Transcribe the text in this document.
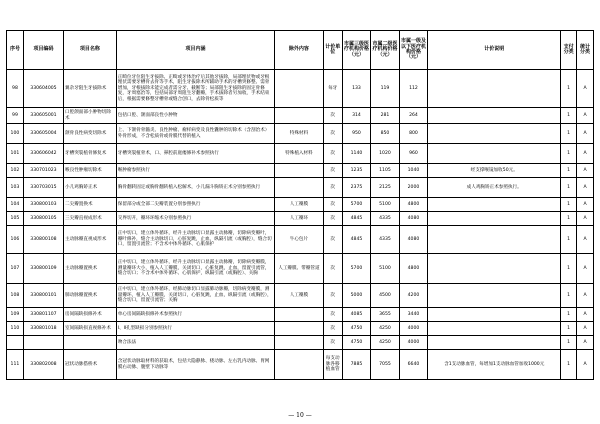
序号	项目编码	项目名称	项目内涵	除外内容	计价单位	市属三级医疗机构价格（元）	市属二级医疗机构价格（元）	市属一级及以下医疗机构价格（元）	计价说明	支付分类	统计分类
98	330604005	翼杂牙阻生牙拔除术	正畸位牙位阻生牙拔除、正畸或牙体治疗后其他牙拔除，局部埋伏物或牙根埋伏需要牙槽骨去骨等手术，阻生牙拔除术所辅助手术的牙槽突修整、需骨增加，牙根拔除未能完成者需分牙、截断等；局部阻生牙拔除的固定骨修复，牙周塞治等，包括局部牙周阻生牙翻瓣，手术拔除者另加收，手术结束后，根据需要修整牙槽骨或缝合创口，去除骨松质等		每牙	133	119	112		1	A
99	330605001	口腔颌面部小肿物切除术	包括口腔、颌面部良性小肿物		次	314	281	264		1	A
100	330605004	颌骨良性病变切除术	上、下颌骨骨髓炎、良性肿瘤、瘤样病变及良性囊肿的切除术（含刮治术）外骨形成，不含松质骨或骨膜代替的植入	特殊材料	次	950	850	800		1	A
101	330606042	牙槽突裂植骨修复术	牙槽突裂植骨术，口、鼻腔前庭瘘修补术参照执行	特殊植入材料	次	1140	1020	960		1	A
102	330701023	喉良性肿瘤切除术	喉肿瘤参照执行		次	1235	1105	1040	经支撑喉镜加收50元。	1	A
103	330703015	小儿鸡胸矫正术	胸骨翻转固定或胸骨翻转植入松解术，小儿漏斗胸矫正术分别参照执行		次	2375	2125	2000	成人鸡胸矫正术参照执行。	1	A
104	330800103	二尖瓣置换术	保留部分或全部二尖瓣装置分别参照执行	人工瓣膜	次	5700	5100	4800		1	A
105	330800105	三尖瓣直视成形术	交界切开，瓣环环缩术分别参照执行	人工瓣环	次	4845	4335	4080		1	A
106	330800108	主动脉瓣直视成形术	正中切口，建立体外循环，经升主动脉切口显露主动脉瓣，切除病变瓣叶，瓣叶修补，缝合主动脉切口，心脏复跳，止血，纵隔引流（或胸腔），缝合切口，留置引流管；不含术中体外循环、心肌保护	牛心包片	次	4845	4335	4080		1	A
107	330800109	主动脉瓣置换术	正中切口，建立体外循环，经升主动脉切口显露主动脉瓣，切除病变瓣膜，测量瓣环大小，植入人工瓣膜，关闭切口，心脏复跳，止血，留置引流管，缝合切口；不含术中体外循环、心肌保护，纵隔引流（或胸腔）、关胸	人工瓣膜、带瓣管道	次	5700	5100	4800		1	A
108	330800101	肺动脉瓣置换术	正中切口，建立体外循环，经肺动脉切口显露肺动脉瓣，切除病变瓣膜，测量瓣环，植入人工瓣膜，关闭切口，心脏复跳，止血，纵隔引流（或胸腔），缝合切口，留置引流管；关胸	人工瓣膜	次	5000	4500	4200		1	A
109	330801107	房间隔缺损修补术	单心房间隔缺损修补术参照执行		次	4085	3655	3440		1	A
110	330801018	室间隔缺损直视修补术	Ⅰ、Ⅱ孔型缺损分别参照执行		次	4750	4250	4000		1	A
			吻合法法		次	4750	4250	4000		1	A
111	330802008	冠状动脉搭桥术	含冠状动脉取材料的获取术，包括大隐静脉、桡动脉、左右乳内动脉、胃网膜右动脉、腹壁下动脉等		每支动脉各移植血管	7885	7055	6640	含1支动脉血管，每增加1支动脉血管加收1000元	1	A
— 10 —
